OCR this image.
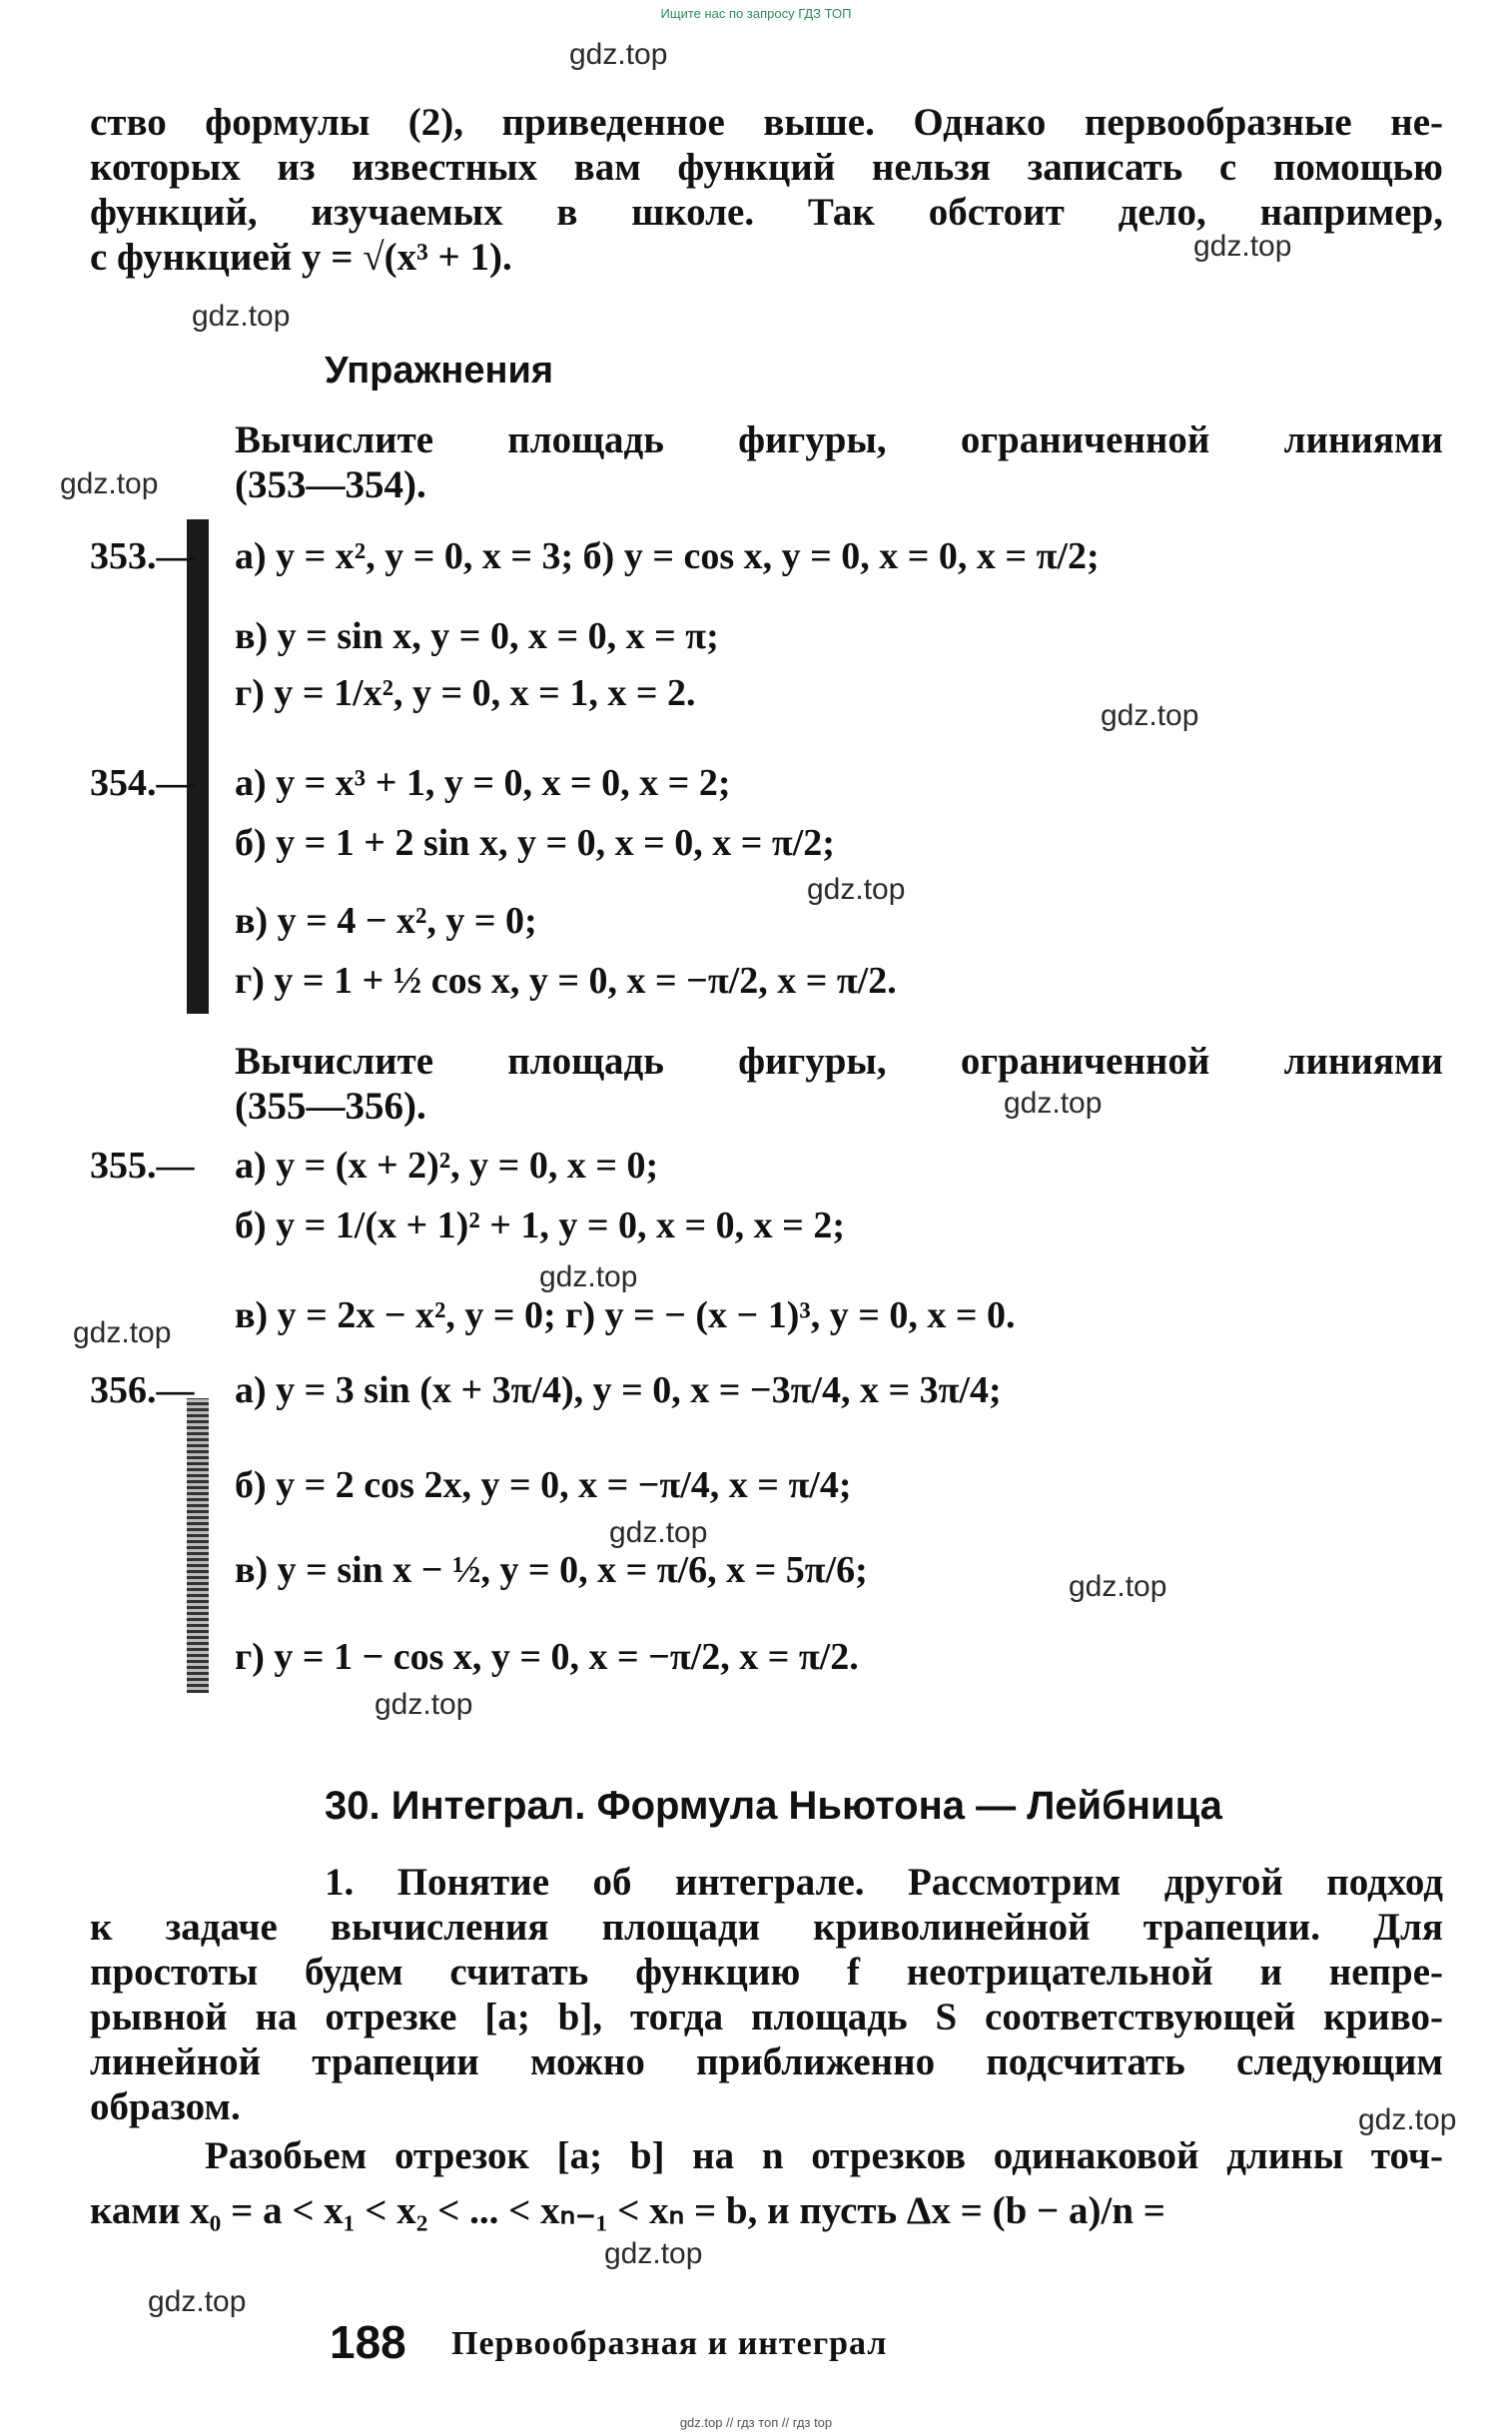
Ищите нас по запросу ГДЗ ТОП
gdz.top
gdz.top
gdz.top
gdz.top
gdz.top
gdz.top
gdz.top
gdz.top
gdz.top
gdz.top
gdz.top
gdz.top
gdz.top
gdz.top
gdz.top
ство формулы (2), приведенное выше. Однако первообразные не-
которых из известных вам функций нельзя записать с помощью
функций, изучаемых в школе. Так обстоит дело, например,
с функцией y = √(x³ + 1).
Упражнения
Вычислите площадь фигуры, ограниченной линиями
(353—354).
353.— а) y = x², y = 0, x = 3; б) y = cos x, y = 0, x = 0, x = π/2;
в) y = sin x, y = 0, x = 0, x = π;
г) y = 1/x², y = 0, x = 1, x = 2.
354.— а) y = x³ + 1, y = 0, x = 0, x = 2;
б) y = 1 + 2 sin x, y = 0, x = 0, x = π/2;
в) y = 4 − x², y = 0;
г) y = 1 + ½ cos x, y = 0, x = −π/2, x = π/2.
Вычислите площадь фигуры, ограниченной линиями
(355—356).
355.— а) y = (x + 2)², y = 0, x = 0;
б) y = 1/(x + 1)² + 1, y = 0, x = 0, x = 2;
в) y = 2x − x², y = 0; г) y = − (x − 1)³, y = 0, x = 0.
356.— а) y = 3 sin (x + 3π/4), y = 0, x = −3π/4, x = 3π/4;
б) y = 2 cos 2x, y = 0, x = −π/4, x = π/4;
в) y = sin x − ½, y = 0, x = π/6, x = 5π/6;
г) y = 1 − cos x, y = 0, x = −π/2, x = π/2.
30. Интеграл. Формула Ньютона — Лейбница
1. Понятие об интеграле. Рассмотрим другой подход
к задаче вычисления площади криволинейной трапеции. Для
простоты будем считать функцию f неотрицательной и непре-
рывной на отрезке [a; b], тогда площадь S соответствующей криво-
линейной трапеции можно приближенно подсчитать следующим
образом.
Разобьем отрезок [a; b] на n отрезков одинаковой длины точ-
ками x₀ = a < x₁ < x₂ < ... < xₙ₋₁ < xₙ = b, и пусть Δx = (b − a)/n =
188 Первообразная и интеграл
gdz.top // гдз топ // гдз top
